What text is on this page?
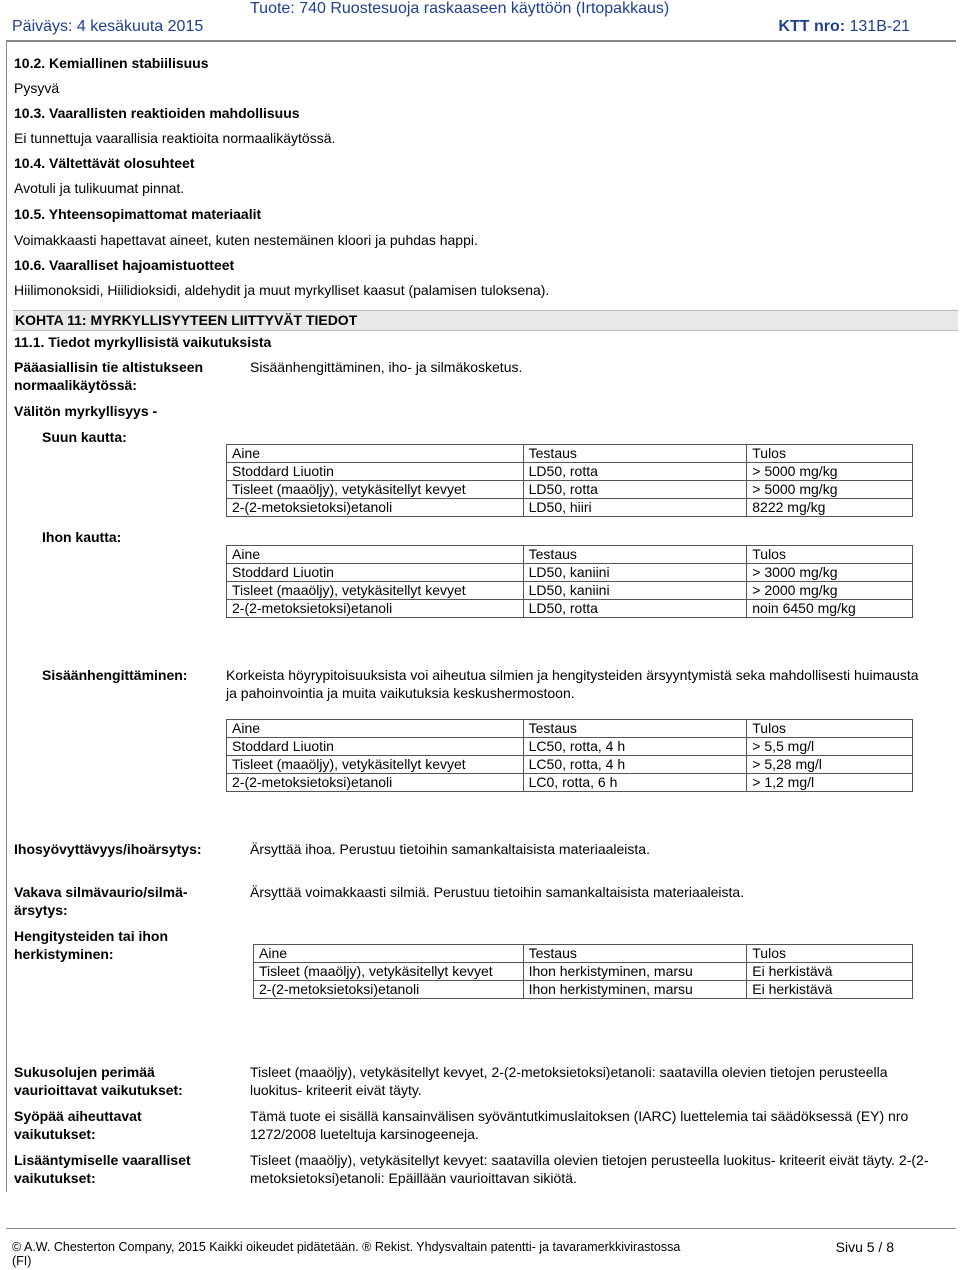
Päiväys: 4 kesäkuuta 2015
Tuote: 740 Ruostesuoja raskaaseen käyttöön (Irtopakkaus)
KTT nro: 131B-21
10.2. Kemiallinen stabiilisuus
Pysyvä
10.3. Vaarallisten reaktioiden mahdollisuus
Ei tunnettuja vaarallisia reaktioita normaalikäytössä.
10.4. Vältettävät olosuhteet
Avotuli ja tulikuumat pinnat.
10.5. Yhteensopimattomat materiaalit
Voimakkaasti hapettavat aineet, kuten nestemäinen kloori ja puhdas happi.
10.6. Vaaralliset hajoamistuotteet
Hiilimonoksidi, Hiilidioksidi, aldehydit ja muut myrkylliset kaasut (palamisen tuloksena).
KOHTA 11: MYRKYLLISYYTEEN LIITTYVÄT TIEDOT
11.1. Tiedot myrkyllisistä vaikutuksista
Pääasiallisin tie altistukseen normaalikäytössä:
Sisäänhengittäminen, iho- ja silmäkosketus.
Välitön myrkyllisyys -
Suun kautta:
Ihon kautta:
Aine	Testaus	Tulos
Stoddard Liuotin	LD50, rotta	> 5000 mg/kg
Tisleet (maaöljy), vetykäsitellyt kevyet	LD50, rotta	> 5000 mg/kg
2-(2-metoksietoksi)etanoli	LD50, hiiri	8222 mg/kg
Aine	Testaus	Tulos
Stoddard Liuotin	LD50, kaniini	> 3000 mg/kg
Tisleet (maaöljy), vetykäsitellyt kevyet	LD50, kaniini	> 2000 mg/kg
2-(2-metoksietoksi)etanoli	LD50, rotta	noin 6450 mg/kg
Sisäänhengittäminen:	Korkeista höyrypitoisuuksista voi aiheutua silmien ja hengitysteiden ärsyyntymistä seka mahdollisesti huimausta ja pahoinvointia ja muita vaikutuksia keskushermostoon.
Aine	Testaus	Tulos
Stoddard Liuotin	LC50, rotta, 4 h	> 5,5 mg/l
Tisleet (maaöljy), vetykäsitellyt kevyet	LC50, rotta, 4 h	> 5,28 mg/l
2-(2-metoksietoksi)etanoli	LC0, rotta, 6 h	> 1,2 mg/l
Ihosyövyttävyys/ihoärsytys:	Ärsyttää ihoa. Perustuu tietoihin samankaltaisista materiaaleista.
Vakava silmävaurio/silmä-ärsytys:
Ärsyttää voimakkaasti silmiä. Perustuu tietoihin samankaltaisista materiaaleista.
Hengitysteiden tai ihon herkistyminen:	Aine	Testaus	Tulos
Tisleet (maaöljy), vetykäsitellyt kevyet	Ihon herkistyminen, marsu	Ei herkistävä
2-(2-metoksietoksi)etanoli	Ihon herkistyminen, marsu	Ei herkistävä
Sukusolujen perimää vaurioittavat vaikutukset:
Tisleet (maaöljy), vetykäsitellyt kevyet, 2-(2-metoksietoksi)etanoli: saatavilla olevien tietojen perusteella luokitus- kriteerit eivät täyty.
Syöpää aiheuttavat vaikutukset:
Tämä tuote ei sisällä kansainvälisen syöväntutkimuslaitoksen (IARC) luettelemia tai säädöksessä (EY) nro 1272/2008 lueteltuja karsinogeeneja.
Lisääntymiselle vaaralliset vaikutukset:
Tisleet (maaöljy), vetykäsitellyt kevyet: saatavilla olevien tietojen perusteella luokitus- kriteerit eivät täyty. 2-(2-metoksietoksi)etanoli: Epäillään vaurioittavan sikiötä.
© A.W. Chesterton Company, 2015 Kaikki oikeudet pidätetään. ® Rekist. Yhdysvaltain patentti- ja tavaramerkkivirastossa
(FI)
Sivu 5 / 8
